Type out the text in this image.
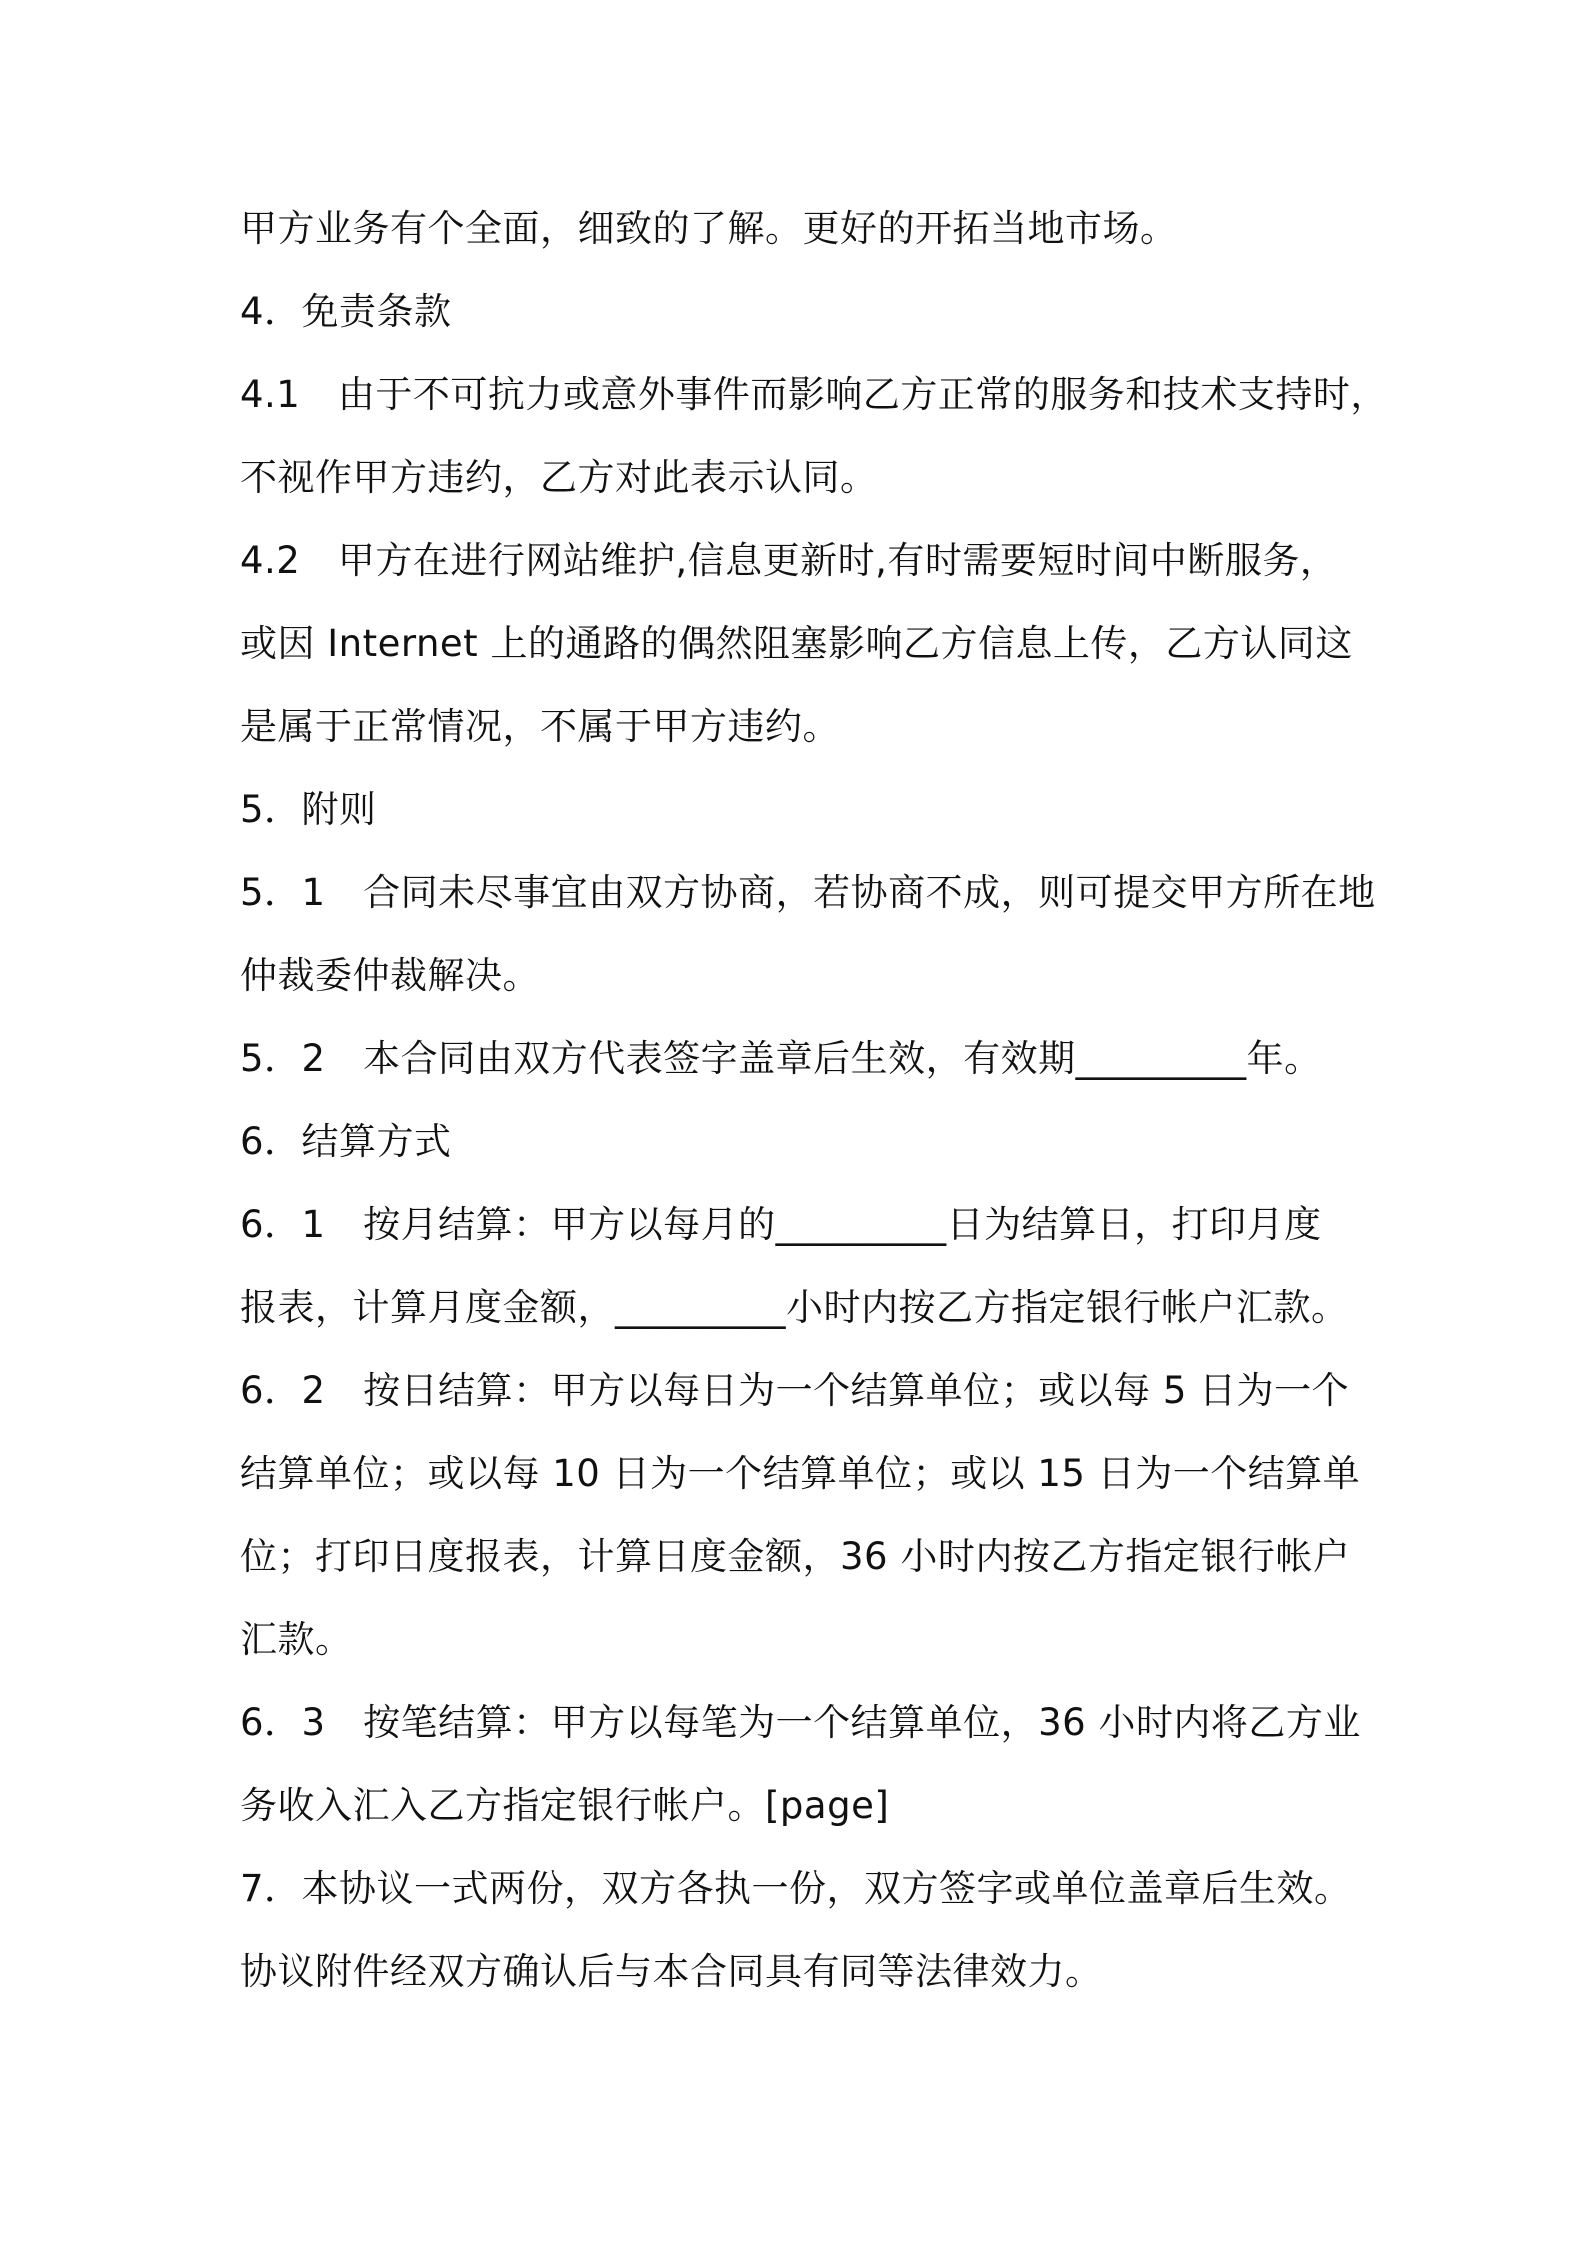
甲方业务有个全面，细致的了解。更好的开拓当地市场。

4．免责条款

4.1　由于不可抗力或意外事件而影响乙方正常的服务和技术支持时，

不视作甲方违约，乙方对此表示认同。

4.2　甲方在进行网站维护,信息更新时,有时需要短时间中断服务，

或因 Internet 上的通路的偶然阻塞影响乙方信息上传，乙方认同这

是属于正常情况，不属于甲方违约。

5．附则

5．1　合同未尽事宜由双方协商，若协商不成，则可提交甲方所在地

仲裁委仲裁解决。

5．2　本合同由双方代表签字盖章后生效，有效期_________年。

6．结算方式

6．1　按月结算：甲方以每月的_________日为结算日，打印月度

报表，计算月度金额，_________小时内按乙方指定银行帐户汇款。

6．2　按日结算：甲方以每日为一个结算单位；或以每 5 日为一个

结算单位；或以每 10 日为一个结算单位；或以 15 日为一个结算单

位；打印日度报表，计算日度金额，36 小时内按乙方指定银行帐户

汇款。

6．3　按笔结算：甲方以每笔为一个结算单位，36 小时内将乙方业

务收入汇入乙方指定银行帐户。[page]

7．本协议一式两份，双方各执一份，双方签字或单位盖章后生效。

协议附件经双方确认后与本合同具有同等法律效力。
